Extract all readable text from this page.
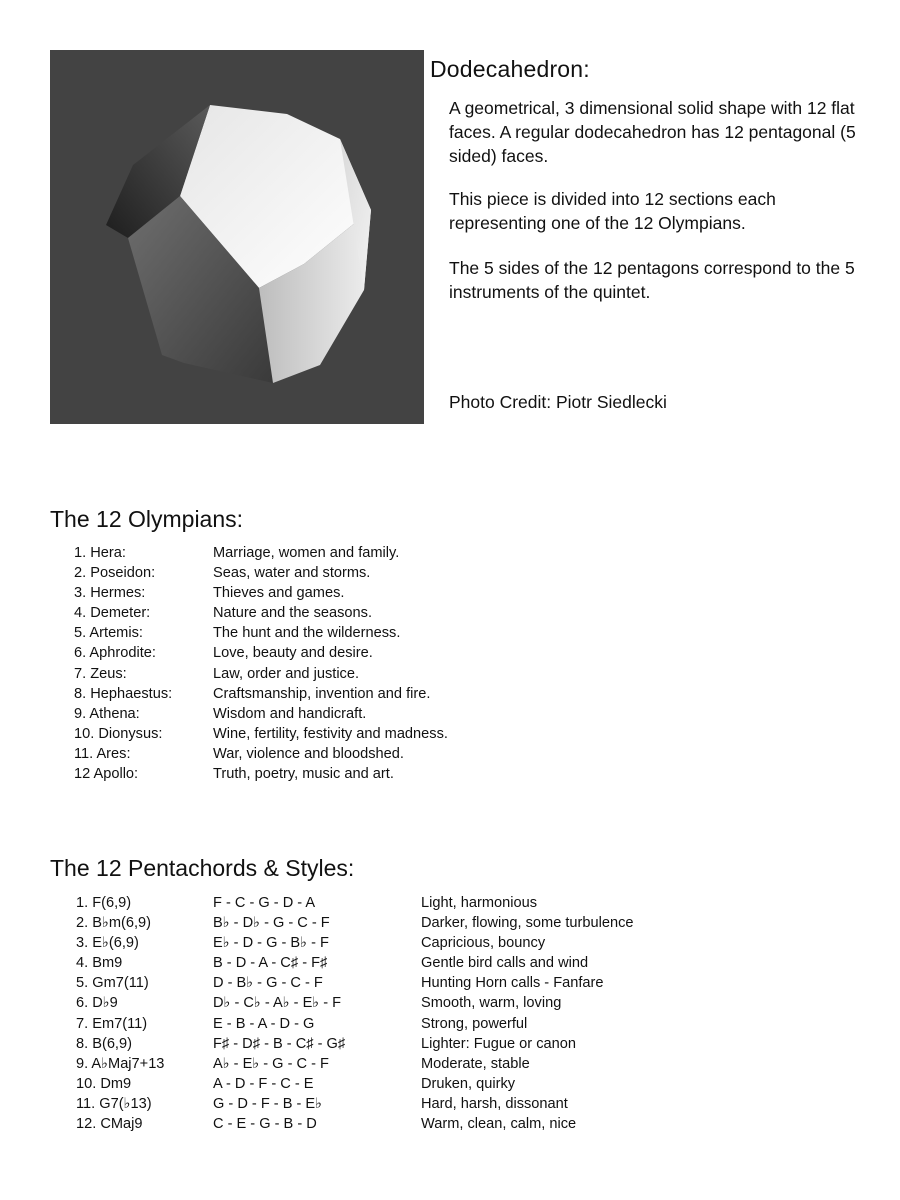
Dodecahedron:

A geometrical, 3 dimensional solid shape with 12 flat faces. A regular dodecahedron has 12 pentagonal (5 sided) faces.

This piece is divided into 12 sections each representing one of the 12 Olympians.

The 5 sides of the 12 pentagons correspond to the 5 instruments of the quintet.

Photo Credit: Piotr Siedlecki

The 12 Olympians:
1. Hera:	Marriage, women and family.
2. Poseidon:	Seas, water and storms.
3. Hermes:	Thieves and games.
4. Demeter:	Nature and the seasons.
5. Artemis:	The hunt and the wilderness.
6. Aphrodite:	Love, beauty and desire.
7. Zeus:	Law, order and justice.
8. Hephaestus:	Craftsmanship, invention and fire.
9. Athena:	Wisdom and handicraft.
10. Dionysus:	Wine, fertility, festivity and madness.
11. Ares:	War, violence and bloodshed.
12 Apollo:	Truth, poetry, music and art.
The 12 Pentachords & Styles:
1. F(6,9)	F - C - G - D - A	Light, harmonious
2. B♭m(6,9)	B♭ - D♭ - G - C - F	Darker, flowing, some turbulence
3. E♭(6,9)	E♭ - D - G - B♭ - F	Capricious, bouncy
4. Bm9	B - D - A - C♯ - F♯	Gentle bird calls and wind
5. Gm7(11)	D - B♭ - G - C - F	Hunting Horn calls - Fanfare
6. D♭9	D♭ - C♭ - A♭ - E♭ - F	Smooth, warm, loving
7. Em7(11)	E - B - A - D - G	Strong, powerful
8. B(6,9)	F♯ - D♯ - B - C♯ - G♯	Lighter: Fugue or canon
9. A♭Maj7+13	A♭ - E♭ - G - C - F	Moderate, stable
10. Dm9	A - D - F - C - E	Druken, quirky
11. G7(♭13)	G - D - F - B - E♭	Hard, harsh, dissonant
12. CMaj9	C - E - G - B - D	Warm, clean, calm, nice
